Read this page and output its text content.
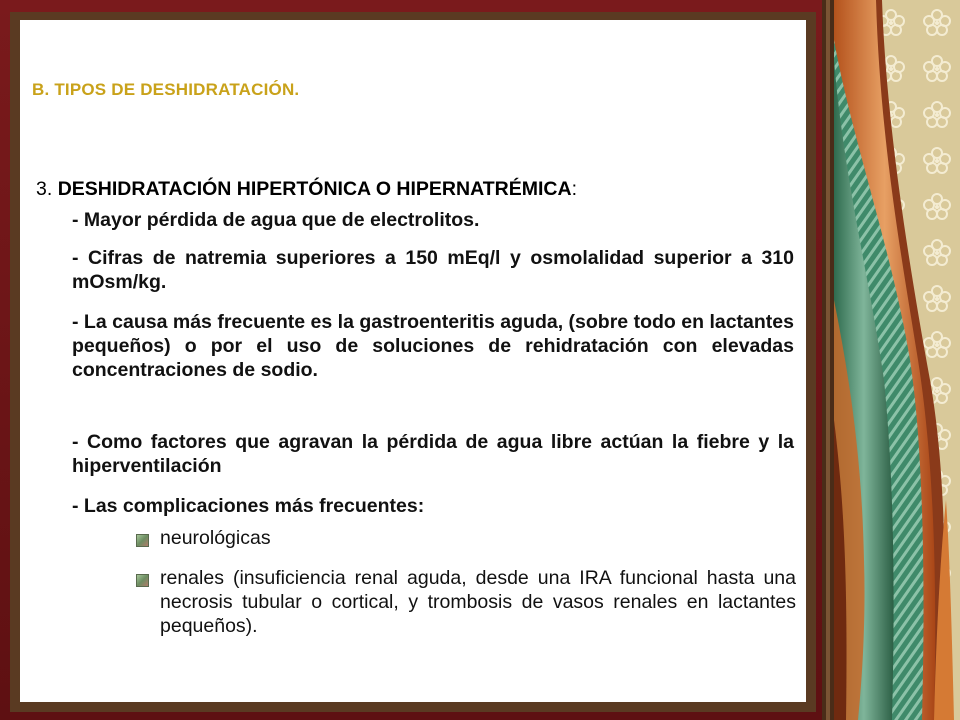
B. TIPOS DE DESHIDRATACIÓN.
3. DESHIDRATACIÓN HIPERTÓNICA O HIPERNATRÉMICA:
- Mayor pérdida de agua que de electrolitos.
- Cifras de natremia superiores a 150 mEq/l y osmolalidad superior a 310 mOsm/kg.
- La causa más frecuente es la gastroenteritis aguda, (sobre todo en lactantes pequeños) o por el uso de soluciones de rehidratación con elevadas concentraciones de sodio.
- Como factores que agravan la pérdida de agua libre actúan la fiebre y la hiperventilación
- Las complicaciones más frecuentes:
neurológicas
renales (insuficiencia renal aguda, desde una IRA funcional hasta una necrosis tubular o cortical, y trombosis de vasos renales en lactantes pequeños).
